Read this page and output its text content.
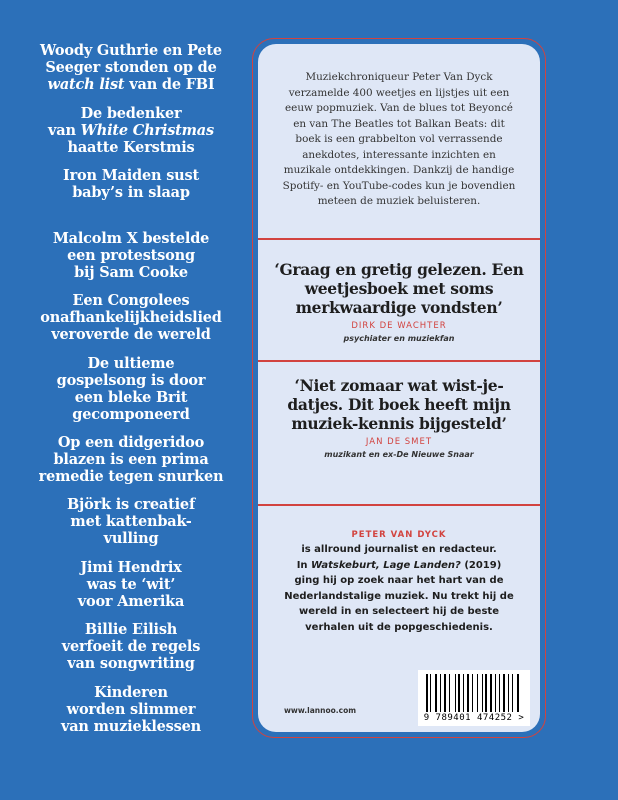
Woody Guthrie en Pete
Seeger stonden op de
watch list van de FBI
De bedenker
van White Christmas
haatte Kerstmis
Iron Maiden sust
baby’s in slaap
Malcolm X bestelde
een protestsong
bij Sam Cooke
Een Congolees
onafhankelijkheidslied
veroverde de wereld
De ultieme
gospelsong is door
een bleke Brit
gecomponeerd
Op een didgeridoo
blazen is een prima
remedie tegen snurken
Björk is creatief
met kattenbak-
vulling
Jimi Hendrix
was te ‘wit’
voor Amerika
Billie Eilish
verfoeit de regels
van songwriting
Kinderen
worden slimmer
van muzieklessen
Muziekchroniqueur Peter Van Dyck verzamelde 400 weetjes en lijstjes uit een eeuw popmuziek. Van de blues tot Beyoncé en van The Beatles tot Balkan Beats: dit boek is een grabbelton vol verrassende anekdotes, interessante inzichten en muzikale ontdekkingen. Dankzij de handige Spotify- en YouTube-codes kun je bovendien meteen de muziek beluisteren.
‘Graag en gretig gelezen. Een weetjesboek met soms merkwaardige vondsten’
DIRK DE WACHTER
psychiater en muziekfan
‘Niet zomaar wat wist-je-datjes. Dit boek heeft mijn muziek-kennis bijgesteld’
JAN DE SMET
muzikant en ex-De Nieuwe Snaar
PETER VAN DYCK
is allround journalist en redacteur.
In Watskeburt, Lage Landen? (2019)
ging hij op zoek naar het hart van de Nederlandstalige muziek. Nu trekt hij de wereld in en selecteert hij de beste verhalen uit de popgeschiedenis.
www.lannoo.com
9 789401 474252 >
